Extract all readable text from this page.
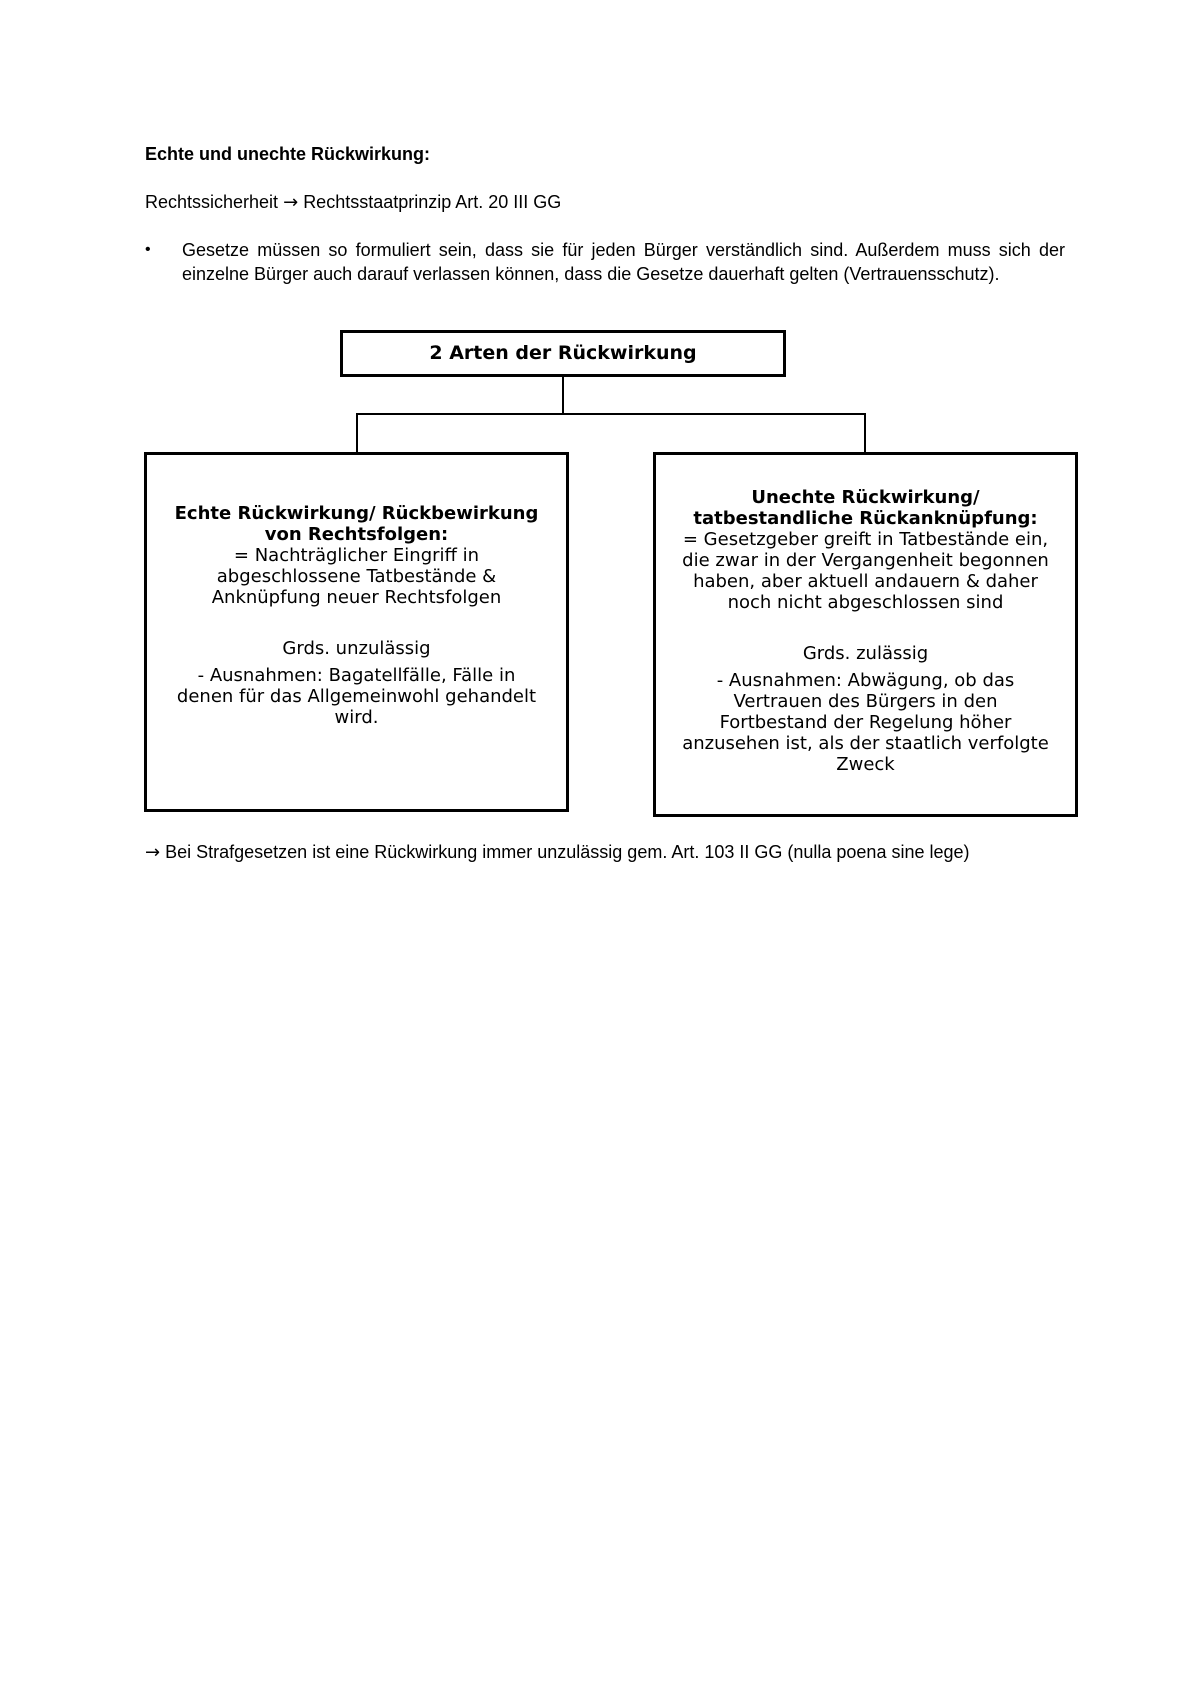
Echte und unechte Rückwirkung:
Rechtssicherheit → Rechtsstaatprinzip Art. 20 III GG
•	Gesetze müssen so formuliert sein, dass sie für jeden Bürger verständlich sind. Außerdem muss sich der einzelne Bürger auch darauf verlassen können, dass die Gesetze dauerhaft gelten (Vertrauensschutz).
2 Arten der Rückwirkung
Echte Rückwirkung/ Rückbewirkung
von Rechtsfolgen:
= Nachträglicher Eingriff in
abgeschlossene Tatbestände &
Anknüpfung neuer Rechtsfolgen
Grds. unzulässig
- Ausnahmen: Bagatellfälle, Fälle in
denen für das Allgemeinwohl gehandelt
wird.
Unechte Rückwirkung/
tatbestandliche Rückanknüpfung:
= Gesetzgeber greift in Tatbestände ein,
die zwar in der Vergangenheit begonnen
haben, aber aktuell andauern & daher
noch nicht abgeschlossen sind
Grds. zulässig
- Ausnahmen: Abwägung, ob das
Vertrauen des Bürgers in den
Fortbestand der Regelung höher
anzusehen ist, als der staatlich verfolgte
Zweck
→ Bei Strafgesetzen ist eine Rückwirkung immer unzulässig gem. Art. 103 II GG (nulla poena sine lege)
